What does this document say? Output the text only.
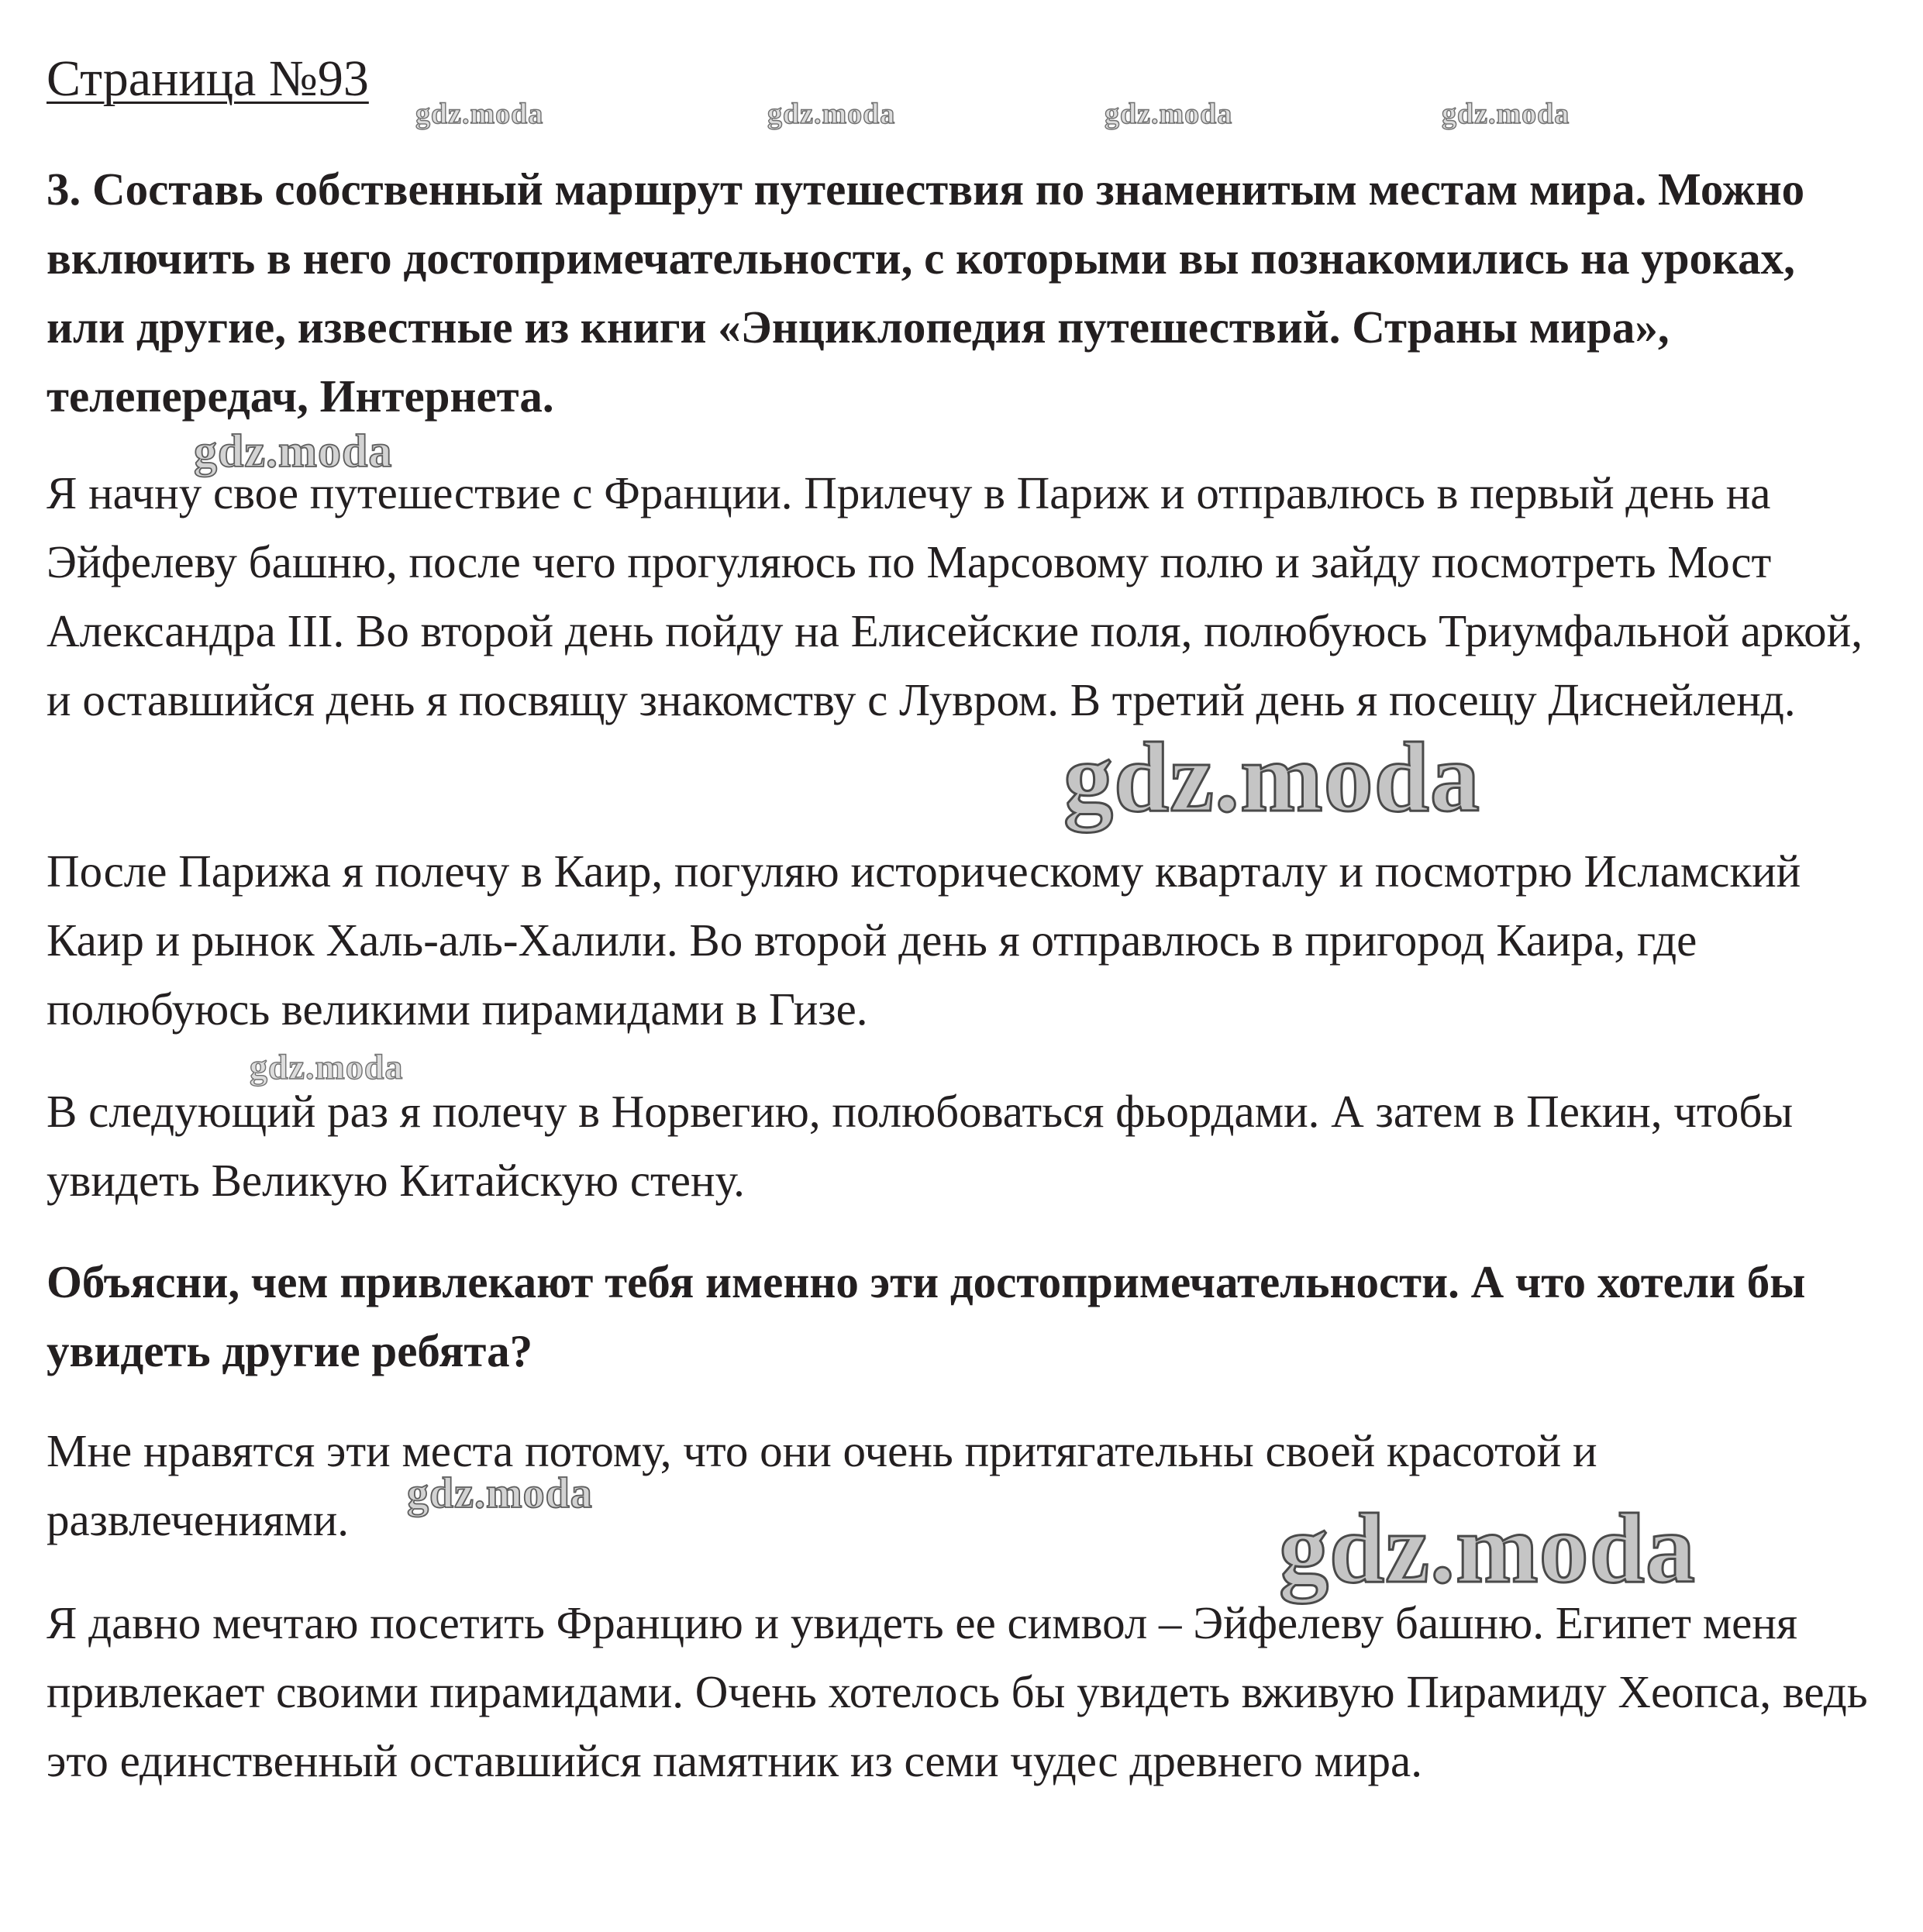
Страница №93

3. Составь собственный маршрут путешествия по знаменитым местам мира. Можно включить в него достопримечательности, с которыми вы познакомились на уроках, или другие, известные из книги «Энциклопедия путешествий. Страны мира», телепередач, Интернета.

Я начну свое путешествие с Франции. Прилечу в Париж и отправлюсь в первый день на Эйфелеву башню, после чего прогуляюсь по Марсовому полю и зайду посмотреть Мост Александра III. Во второй день пойду на Елисейские поля, полюбуюсь Триумфальной аркой, и оставшийся день я посвящу знакомству с Лувром. В третий день я посещу Диснейленд.

После Парижа я полечу в Каир, погуляю историческому кварталу и посмотрю Исламский Каир и рынок Халь-аль-Халили. Во второй день я отправлюсь в пригород Каира, где полюбуюсь великими пирамидами в Гизе.

В следующий раз я полечу в Норвегию, полюбоваться фьордами. А затем в Пекин, чтобы увидеть Великую Китайскую стену.

Объясни, чем привлекают тебя именно эти достопримечательности. А что хотели бы увидеть другие ребята?

Мне нравятся эти места потому, что они очень притягательны своей красотой и развлечениями.

Я давно мечтаю посетить Францию и увидеть ее символ – Эйфелеву башню. Египет меня привлекает своими пирамидами. Очень хотелось бы увидеть вживую Пирамиду Хеопса, ведь это единственный оставшийся памятник из семи чудес древнего мира.

gdz.moda	gdz.moda	gdz.moda	gdz.moda
gdz.moda
gdz.moda
gdz.moda
gdz.moda	gdz.moda
